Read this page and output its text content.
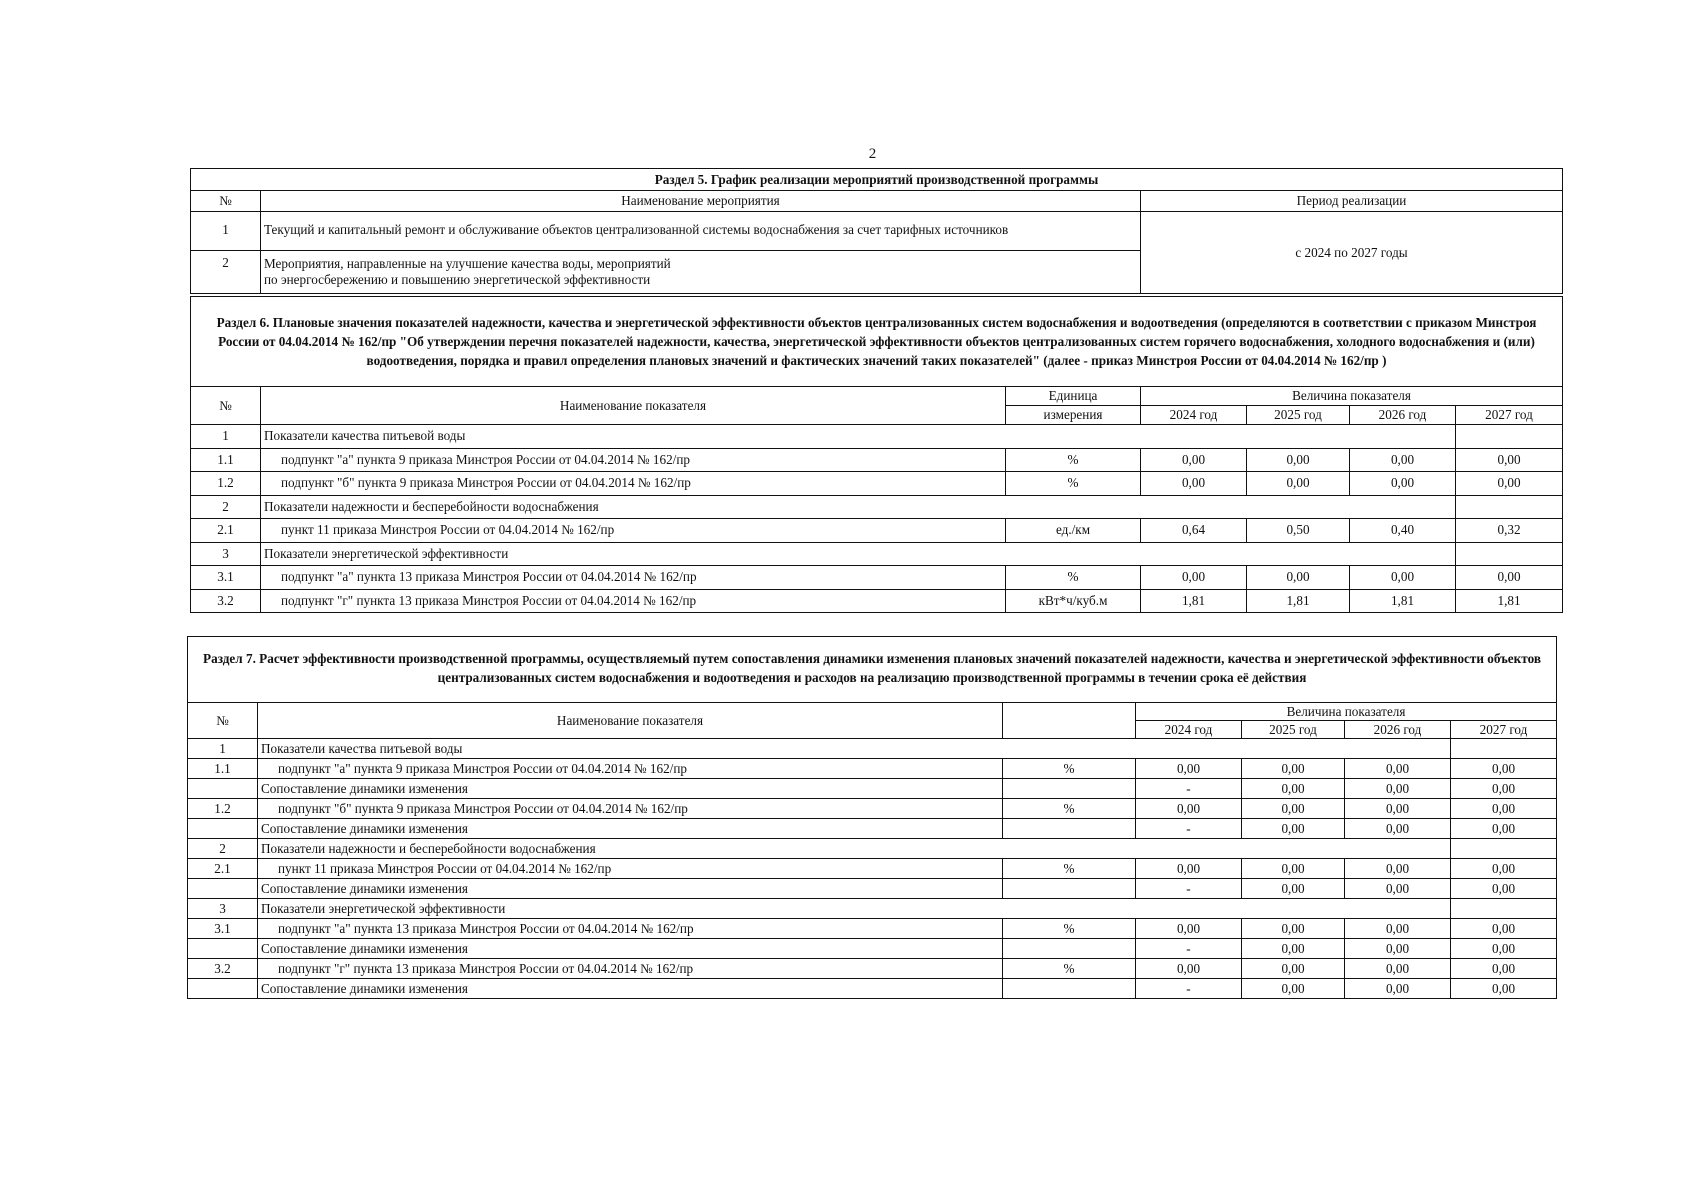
2
Раздел 5. График реализации мероприятий производственной программы		
№	Наименование мероприятия	Период реализации
1	Текущий и капитальный ремонт и обслуживание объектов централизованной системы водоснабжения за счет тарифных источников	с 2024 по 2027 годы
2	Мероприятия, направленные на улучшение качества воды, мероприятий
по энергосбережению и повышению энергетической эффективности	
Раздел 6. Плановые значения показателей надежности, качества и энергетической эффективности объектов централизованных систем водоснабжения и водоотведения (определяются в соответствии с приказом Минстроя России от 04.04.2014 № 162/пр "Об утверждении перечня показателей надежности, качества, энергетической эффективности объектов централизованных систем горячего водоснабжения, холодного водоснабжения и (или) водоотведения, порядка и правил определения плановых значений и фактических значений таких показателей" (далее - приказ Минстроя России от 04.04.2014 № 162/пр )						
№	Наименование показателя	Единица	Величина показателя			
		измерения	2024 год	2025 год	2026 год	2027 год
1	Показатели качества питьевой воды					
1.1	подпункт "а" пункта 9 приказа Минстроя России от 04.04.2014 № 162/пр	%	0,00	0,00	0,00	0,00
1.2	подпункт "б" пункта 9 приказа Минстроя России от 04.04.2014 № 162/пр	%	0,00	0,00	0,00	0,00
2	Показатели надежности и бесперебойности водоснабжения					
2.1	пункт 11 приказа Минстроя России от 04.04.2014 № 162/пр	ед./км	0,64	0,50	0,40	0,32
3	Показатели энергетической эффективности					
3.1	подпункт "а" пункта 13 приказа Минстроя России от 04.04.2014 № 162/пр	%	0,00	0,00	0,00	0,00
3.2	подпункт "г" пункта 13 приказа Минстроя России от 04.04.2014 № 162/пр	кВт*ч/куб.м	1,81	1,81	1,81	1,81
Раздел 7. Расчет эффективности производственной программы, осуществляемый путем сопоставления динамики изменения плановых значений показателей надежности, качества и энергетической эффективности объектов централизованных систем водоснабжения и водоотведения и расходов на реализацию производственной программы в течении срока её действия						
№	Наименование показателя		Величина показателя			
			2024 год	2025 год	2026 год	2027 год
1	Показатели качества питьевой воды					
1.1	подпункт "а" пункта 9 приказа Минстроя России от 04.04.2014 № 162/пр	%	0,00	0,00	0,00	0,00
	Сопоставление динамики изменения		-	0,00	0,00	0,00
1.2	подпункт "б" пункта 9 приказа Минстроя России от 04.04.2014 № 162/пр	%	0,00	0,00	0,00	0,00
	Сопоставление динамики изменения		-	0,00	0,00	0,00
2	Показатели надежности и бесперебойности водоснабжения					
2.1	пункт 11 приказа Минстроя России от 04.04.2014 № 162/пр	%	0,00	0,00	0,00	0,00
	Сопоставление динамики изменения		-	0,00	0,00	0,00
3	Показатели энергетической эффективности					
3.1	подпункт "а" пункта 13 приказа Минстроя России от 04.04.2014 № 162/пр	%	0,00	0,00	0,00	0,00
	Сопоставление динамики изменения		-	0,00	0,00	0,00
3.2	подпункт "г" пункта 13 приказа Минстроя России от 04.04.2014 № 162/пр	%	0,00	0,00	0,00	0,00
	Сопоставление динамики изменения		-	0,00	0,00	0,00
